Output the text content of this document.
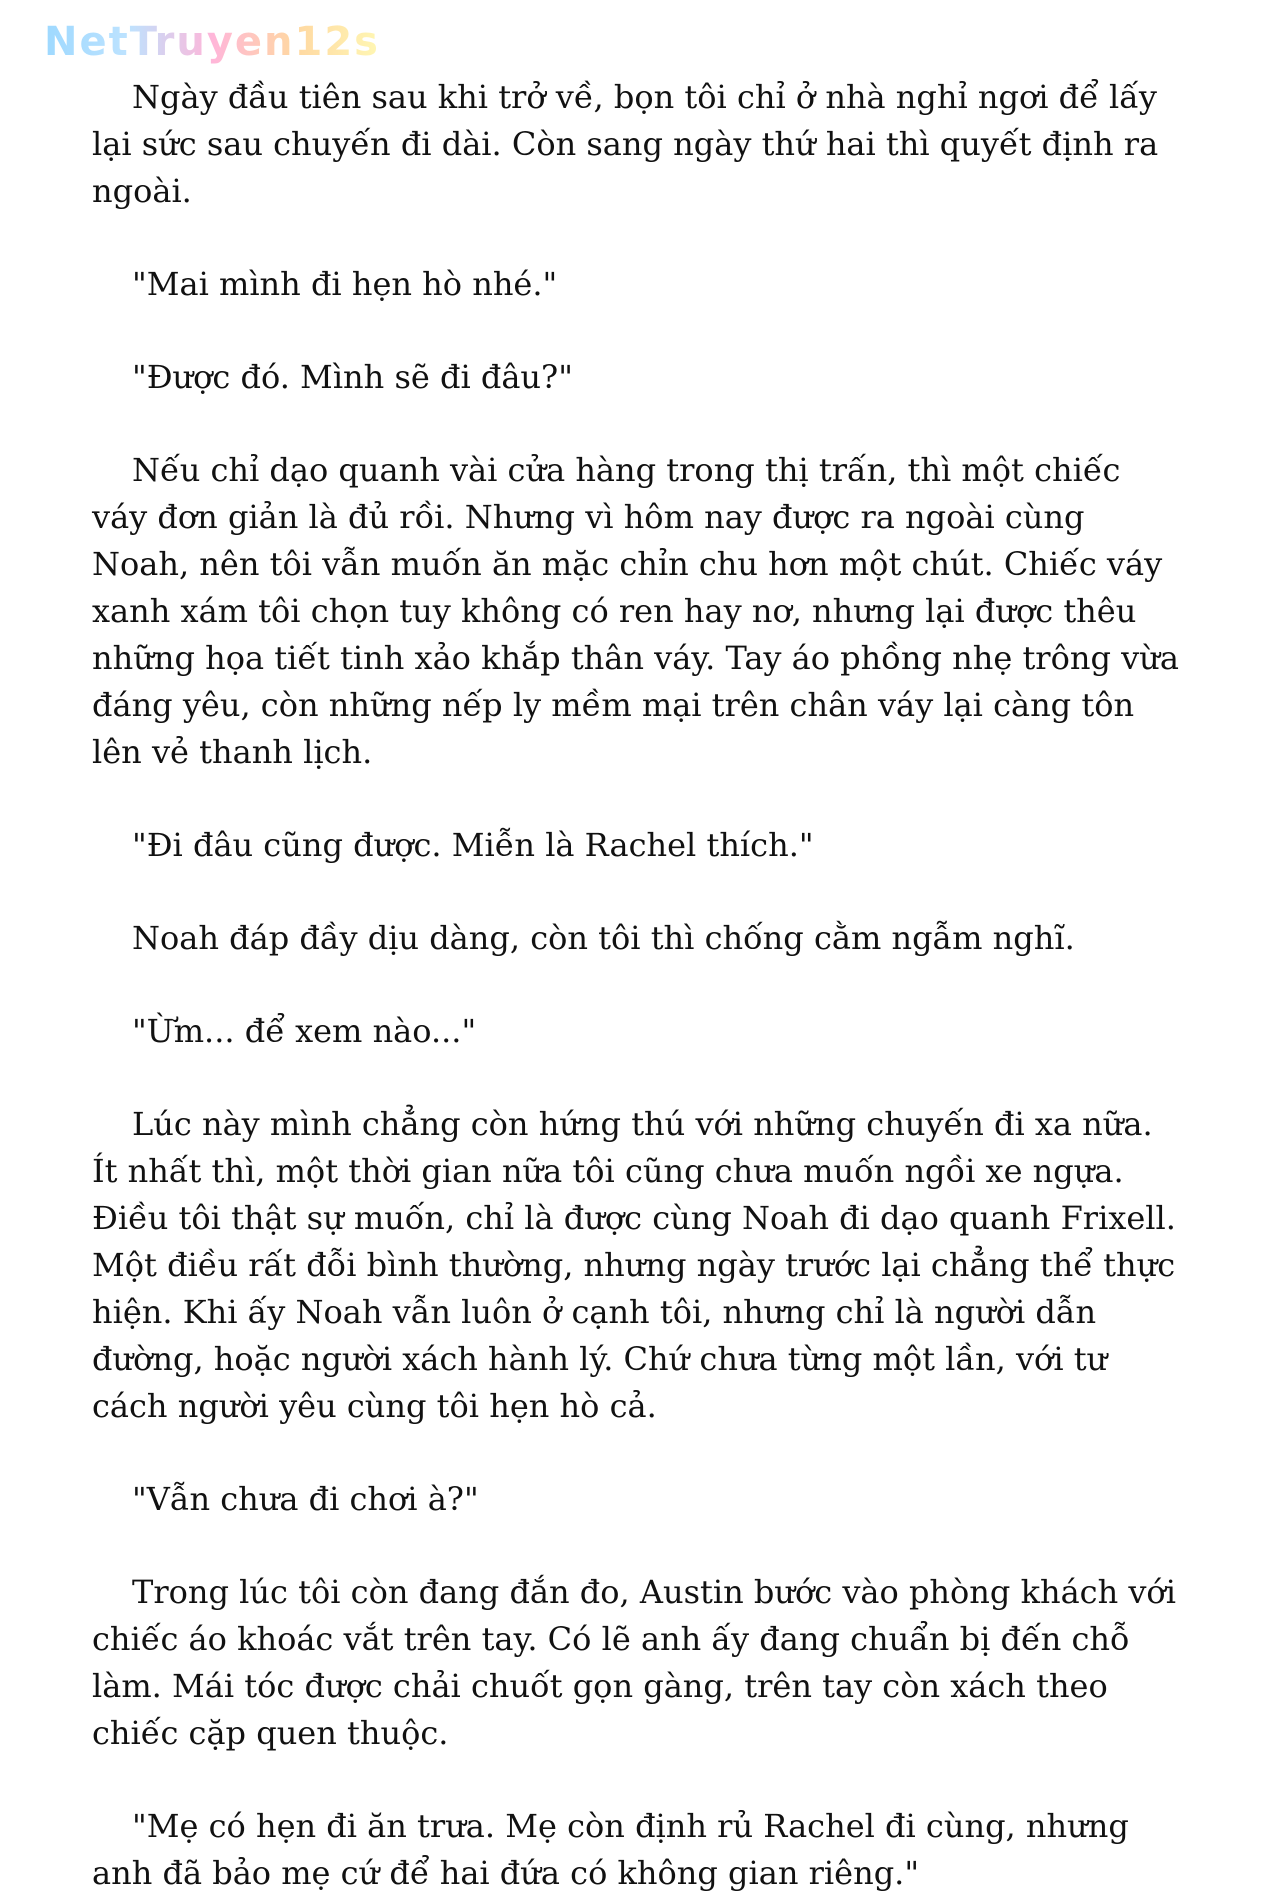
NetTruyen12s

Ngày đầu tiên sau khi trở về, bọn tôi chỉ ở nhà nghỉ ngơi để lấy lại sức sau chuyến đi dài. Còn sang ngày thứ hai thì quyết định ra ngoài.

"Mai mình đi hẹn hò nhé."

"Được đó. Mình sẽ đi đâu?"

Nếu chỉ dạo quanh vài cửa hàng trong thị trấn, thì một chiếc váy đơn giản là đủ rồi. Nhưng vì hôm nay được ra ngoài cùng Noah, nên tôi vẫn muốn ăn mặc chỉn chu hơn một chút. Chiếc váy xanh xám tôi chọn tuy không có ren hay nơ, nhưng lại được thêu những họa tiết tinh xảo khắp thân váy. Tay áo phồng nhẹ trông vừa đáng yêu, còn những nếp ly mềm mại trên chân váy lại càng tôn lên vẻ thanh lịch.

"Đi đâu cũng được. Miễn là Rachel thích."

Noah đáp đầy dịu dàng, còn tôi thì chống cằm ngẫm nghĩ.

"Ừm... để xem nào..."

Lúc này mình chẳng còn hứng thú với những chuyến đi xa nữa. Ít nhất thì, một thời gian nữa tôi cũng chưa muốn ngồi xe ngựa. Điều tôi thật sự muốn, chỉ là được cùng Noah đi dạo quanh Frixell. Một điều rất đỗi bình thường, nhưng ngày trước lại chẳng thể thực hiện. Khi ấy Noah vẫn luôn ở cạnh tôi, nhưng chỉ là người dẫn đường, hoặc người xách hành lý. Chứ chưa từng một lần, với tư cách người yêu cùng tôi hẹn hò cả.

"Vẫn chưa đi chơi à?"

Trong lúc tôi còn đang đắn đo, Austin bước vào phòng khách với chiếc áo khoác vắt trên tay. Có lẽ anh ấy đang chuẩn bị đến chỗ làm. Mái tóc được chải chuốt gọn gàng, trên tay còn xách theo chiếc cặp quen thuộc.

"Mẹ có hẹn đi ăn trưa. Mẹ còn định rủ Rachel đi cùng, nhưng anh đã bảo mẹ cứ để hai đứa có không gian riêng."
